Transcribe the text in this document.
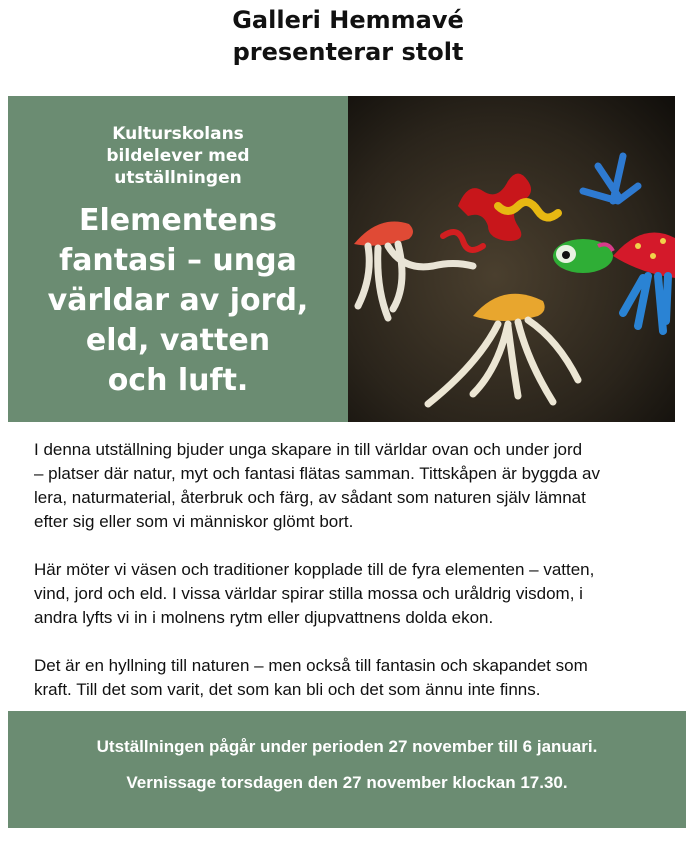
Galleri Hemmavé
presenterar stolt
Kulturskolans
bildelever med
utställningen
Elementens
fantasi – unga
världar av jord,
eld, vatten
och luft.

I denna utställning bjuder unga skapare in till världar ovan och under jord
– platser där natur, myt och fantasi flätas samman. Tittskåpen är byggda av
lera, naturmaterial, återbruk och färg, av sådant som naturen själv lämnat
efter sig eller som vi människor glömt bort.

Här möter vi väsen och traditioner kopplade till de fyra elementen – vatten,
vind, jord och eld. I vissa världar spirar stilla mossa och uråldrig visdom, i
andra lyfts vi in i molnens rytm eller djupvattnens dolda ekon.

Det är en hyllning till naturen – men också till fantasin och skapandet som
kraft. Till det som varit, det som kan bli och det som ännu inte finns.

Utställningen pågår under perioden 27 november till 6 januari.
Vernissage torsdagen den 27 november klockan 17.30.
